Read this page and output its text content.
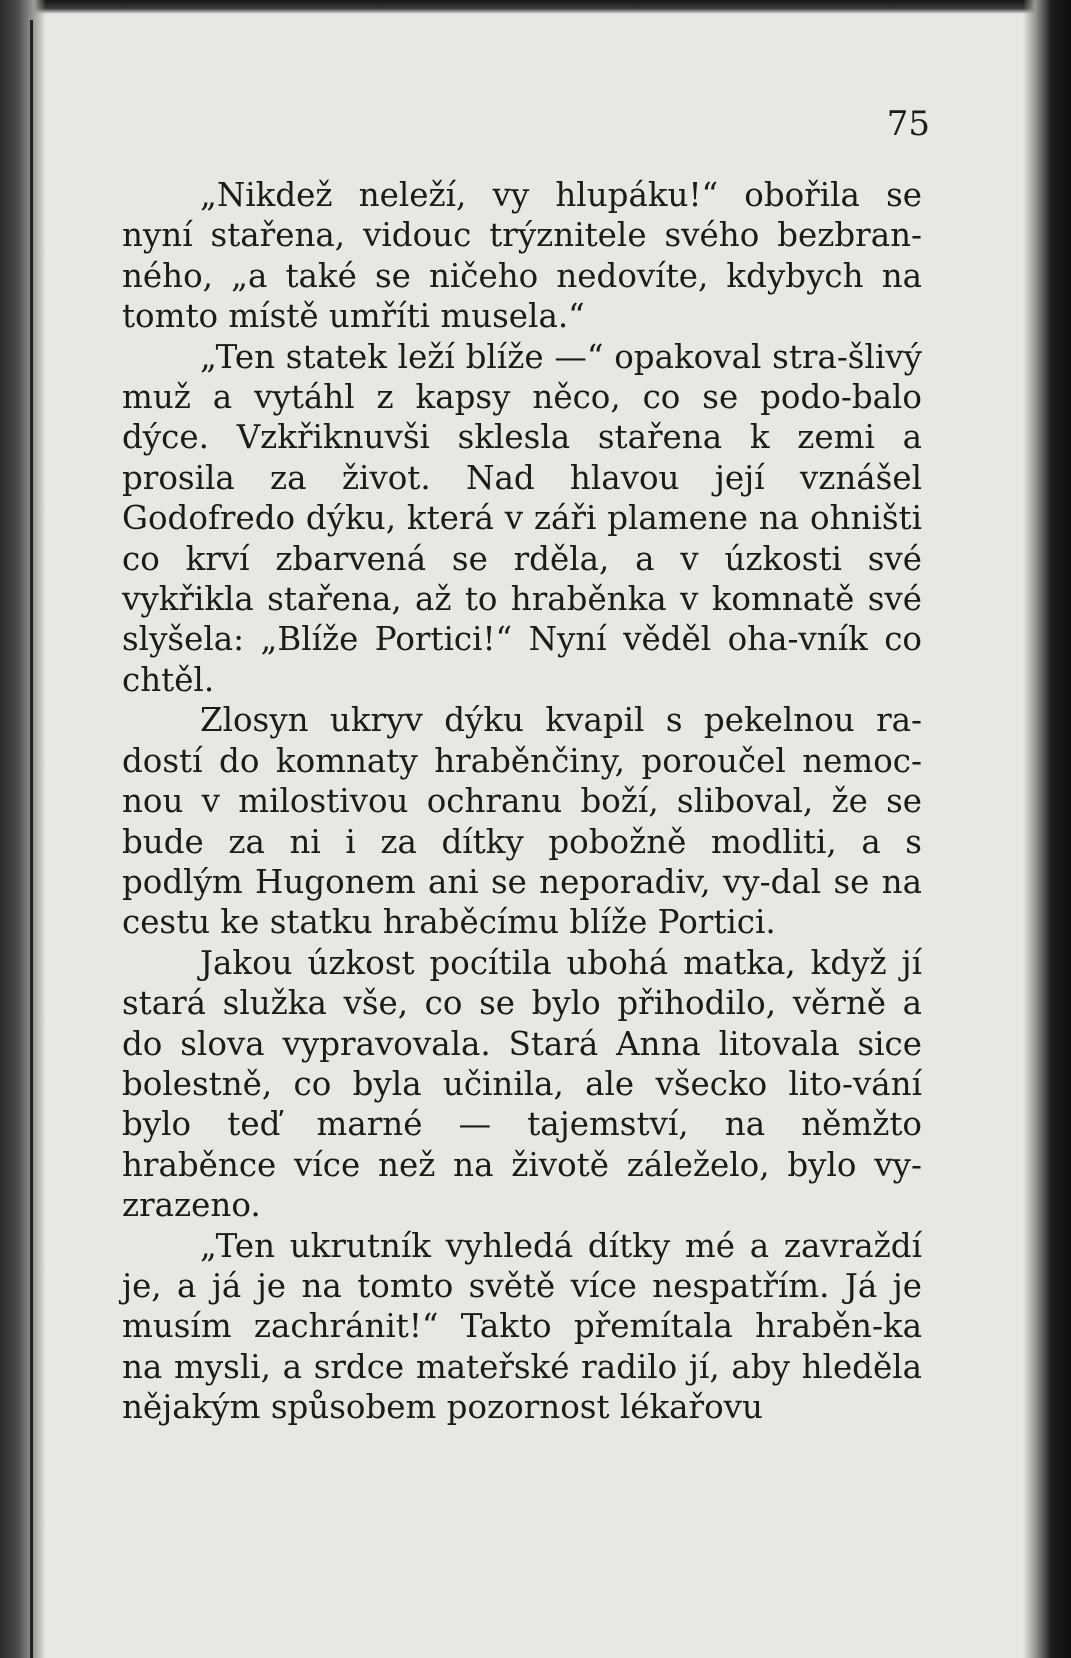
75

„Nikdež neleží, vy hlupáku!“ obořila se nyní stařena, vidouc trýznitele svého bezbran-ného, „a také se ničeho nedovíte, kdybych na tomto místě umříti musela.“

„Ten statek leží blíže —“ opakoval stra-šlivý muž a vytáhl z kapsy něco, co se podo-balo dýce. Vzkřiknuvši sklesla stařena k zemi a prosila za život. Nad hlavou její vznášel Godofredo dýku, která v záři plamene na ohništi co krví zbarvená se rděla, a v úzkosti své vykřikla stařena, až to hraběnka v komnatě své slyšela: „Blíže Portici!“ Nyní věděl oha-vník co chtěl.

Zlosyn ukryv dýku kvapil s pekelnou ra-dostí do komnaty hraběnčiny, poroučel nemoc-nou v milostivou ochranu boží, sliboval, že se bude za ni i za dítky pobožně modliti, a s podlým Hugonem ani se neporadiv, vy-dal se na cestu ke statku hraběcímu blíže Portici.

Jakou úzkost pocítila ubohá matka, když jí stará služka vše, co se bylo přihodilo, věrně a do slova vypravovala. Stará Anna litovala sice bolestně, co byla učinila, ale všecko lito-vání bylo teď marné — tajemství, na němžto hraběnce více než na životě záleželo, bylo vy-zrazeno.

„Ten ukrutník vyhledá dítky mé a zavraždí je, a já je na tomto světě více nespatřím. Já je musím zachránit!“ Takto přemítala hraběn-ka na mysli, a srdce mateřské radilo jí, aby hleděla nějakým spůsobem pozornost lékařovu
